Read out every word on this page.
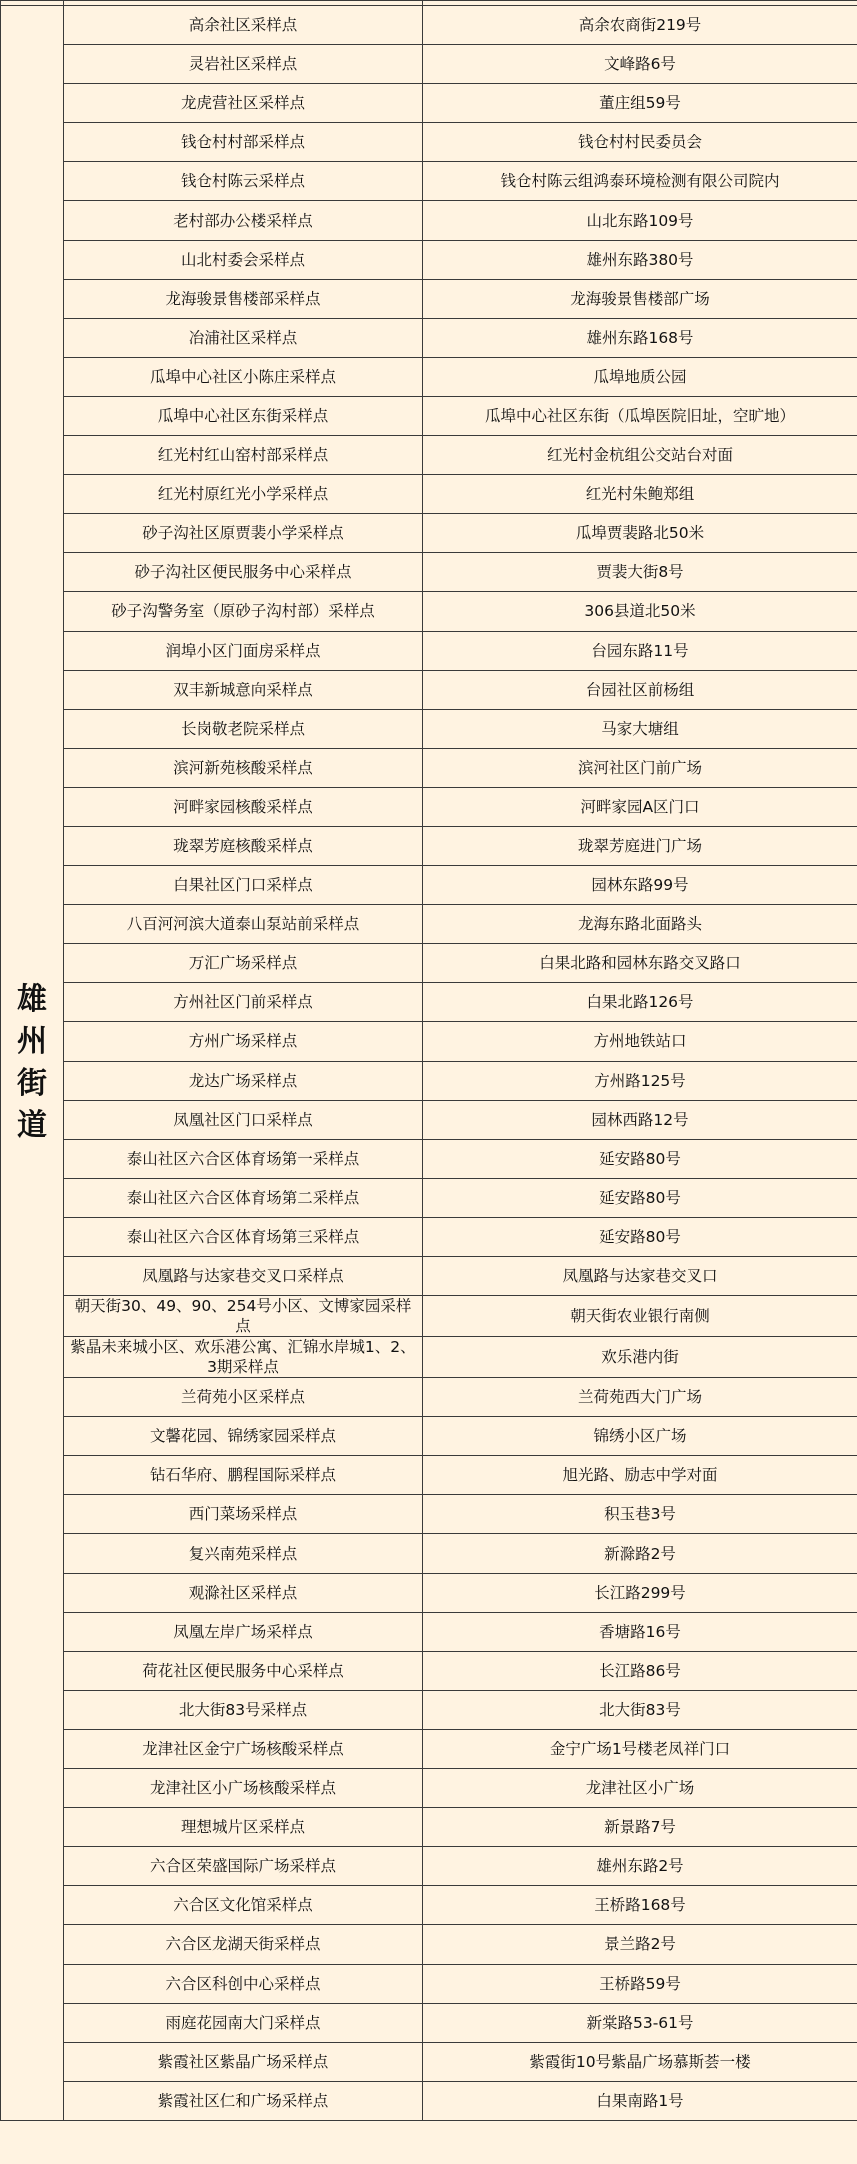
雄州街道	高余社区采样点	高余农商街219号
	灵岩社区采样点	文峰路6号
	龙虎营社区采样点	董庄组59号
	钱仓村村部采样点	钱仓村村民委员会
	钱仓村陈云采样点	钱仓村陈云组鸿泰环境检测有限公司院内
	老村部办公楼采样点	山北东路109号
	山北村委会采样点	雄州东路380号
	龙海骏景售楼部采样点	龙海骏景售楼部广场
	冶浦社区采样点	雄州东路168号
	瓜埠中心社区小陈庄采样点	瓜埠地质公园
	瓜埠中心社区东街采样点	瓜埠中心社区东街（瓜埠医院旧址，空旷地）
	红光村红山窑村部采样点	红光村金杭组公交站台对面
	红光村原红光小学采样点	红光村朱鲍郑组
	砂子沟社区原贾裴小学采样点	瓜埠贾裴路北50米
	砂子沟社区便民服务中心采样点	贾裴大街8号
	砂子沟警务室（原砂子沟村部）采样点	306县道北50米
	润埠小区门面房采样点	台园东路11号
	双丰新城意向采样点	台园社区前杨组
	长岗敬老院采样点	马家大塘组
	滨河新苑核酸采样点	滨河社区门前广场
	河畔家园核酸采样点	河畔家园A区门口
	珑翠芳庭核酸采样点	珑翠芳庭进门广场
	白果社区门口采样点	园林东路99号
	八百河河滨大道泰山泵站前采样点	龙海东路北面路头
	万汇广场采样点	白果北路和园林东路交叉路口
	方州社区门前采样点	白果北路126号
	方州广场采样点	方州地铁站口
	龙达广场采样点	方州路125号
	凤凰社区门口采样点	园林西路12号
	泰山社区六合区体育场第一采样点	延安路80号
	泰山社区六合区体育场第二采样点	延安路80号
	泰山社区六合区体育场第三采样点	延安路80号
	凤凰路与达家巷交叉口采样点	凤凰路与达家巷交叉口
	朝天街30、49、90、254号小区、文博家园采样点	朝天街农业银行南侧
	紫晶未来城小区、欢乐港公寓、汇锦水岸城1、2、3期采样点	欢乐港内街
	兰荷苑小区采样点	兰荷苑西大门广场
	文馨花园、锦绣家园采样点	锦绣小区广场
	钻石华府、鹏程国际采样点	旭光路、励志中学对面
	西门菜场采样点	积玉巷3号
	复兴南苑采样点	新滁路2号
	观滁社区采样点	长江路299号
	凤凰左岸广场采样点	香塘路16号
	荷花社区便民服务中心采样点	长江路86号
	北大街83号采样点	北大街83号
	龙津社区金宁广场核酸采样点	金宁广场1号楼老凤祥门口
	龙津社区小广场核酸采样点	龙津社区小广场
	理想城片区采样点	新景路7号
	六合区荣盛国际广场采样点	雄州东路2号
	六合区文化馆采样点	王桥路168号
	六合区龙湖天街采样点	景兰路2号
	六合区科创中心采样点	王桥路59号
	雨庭花园南大门采样点	新棠路53-61号
	紫霞社区紫晶广场采样点	紫霞街10号紫晶广场慕斯荟一楼
	紫霞社区仁和广场采样点	白果南路1号
